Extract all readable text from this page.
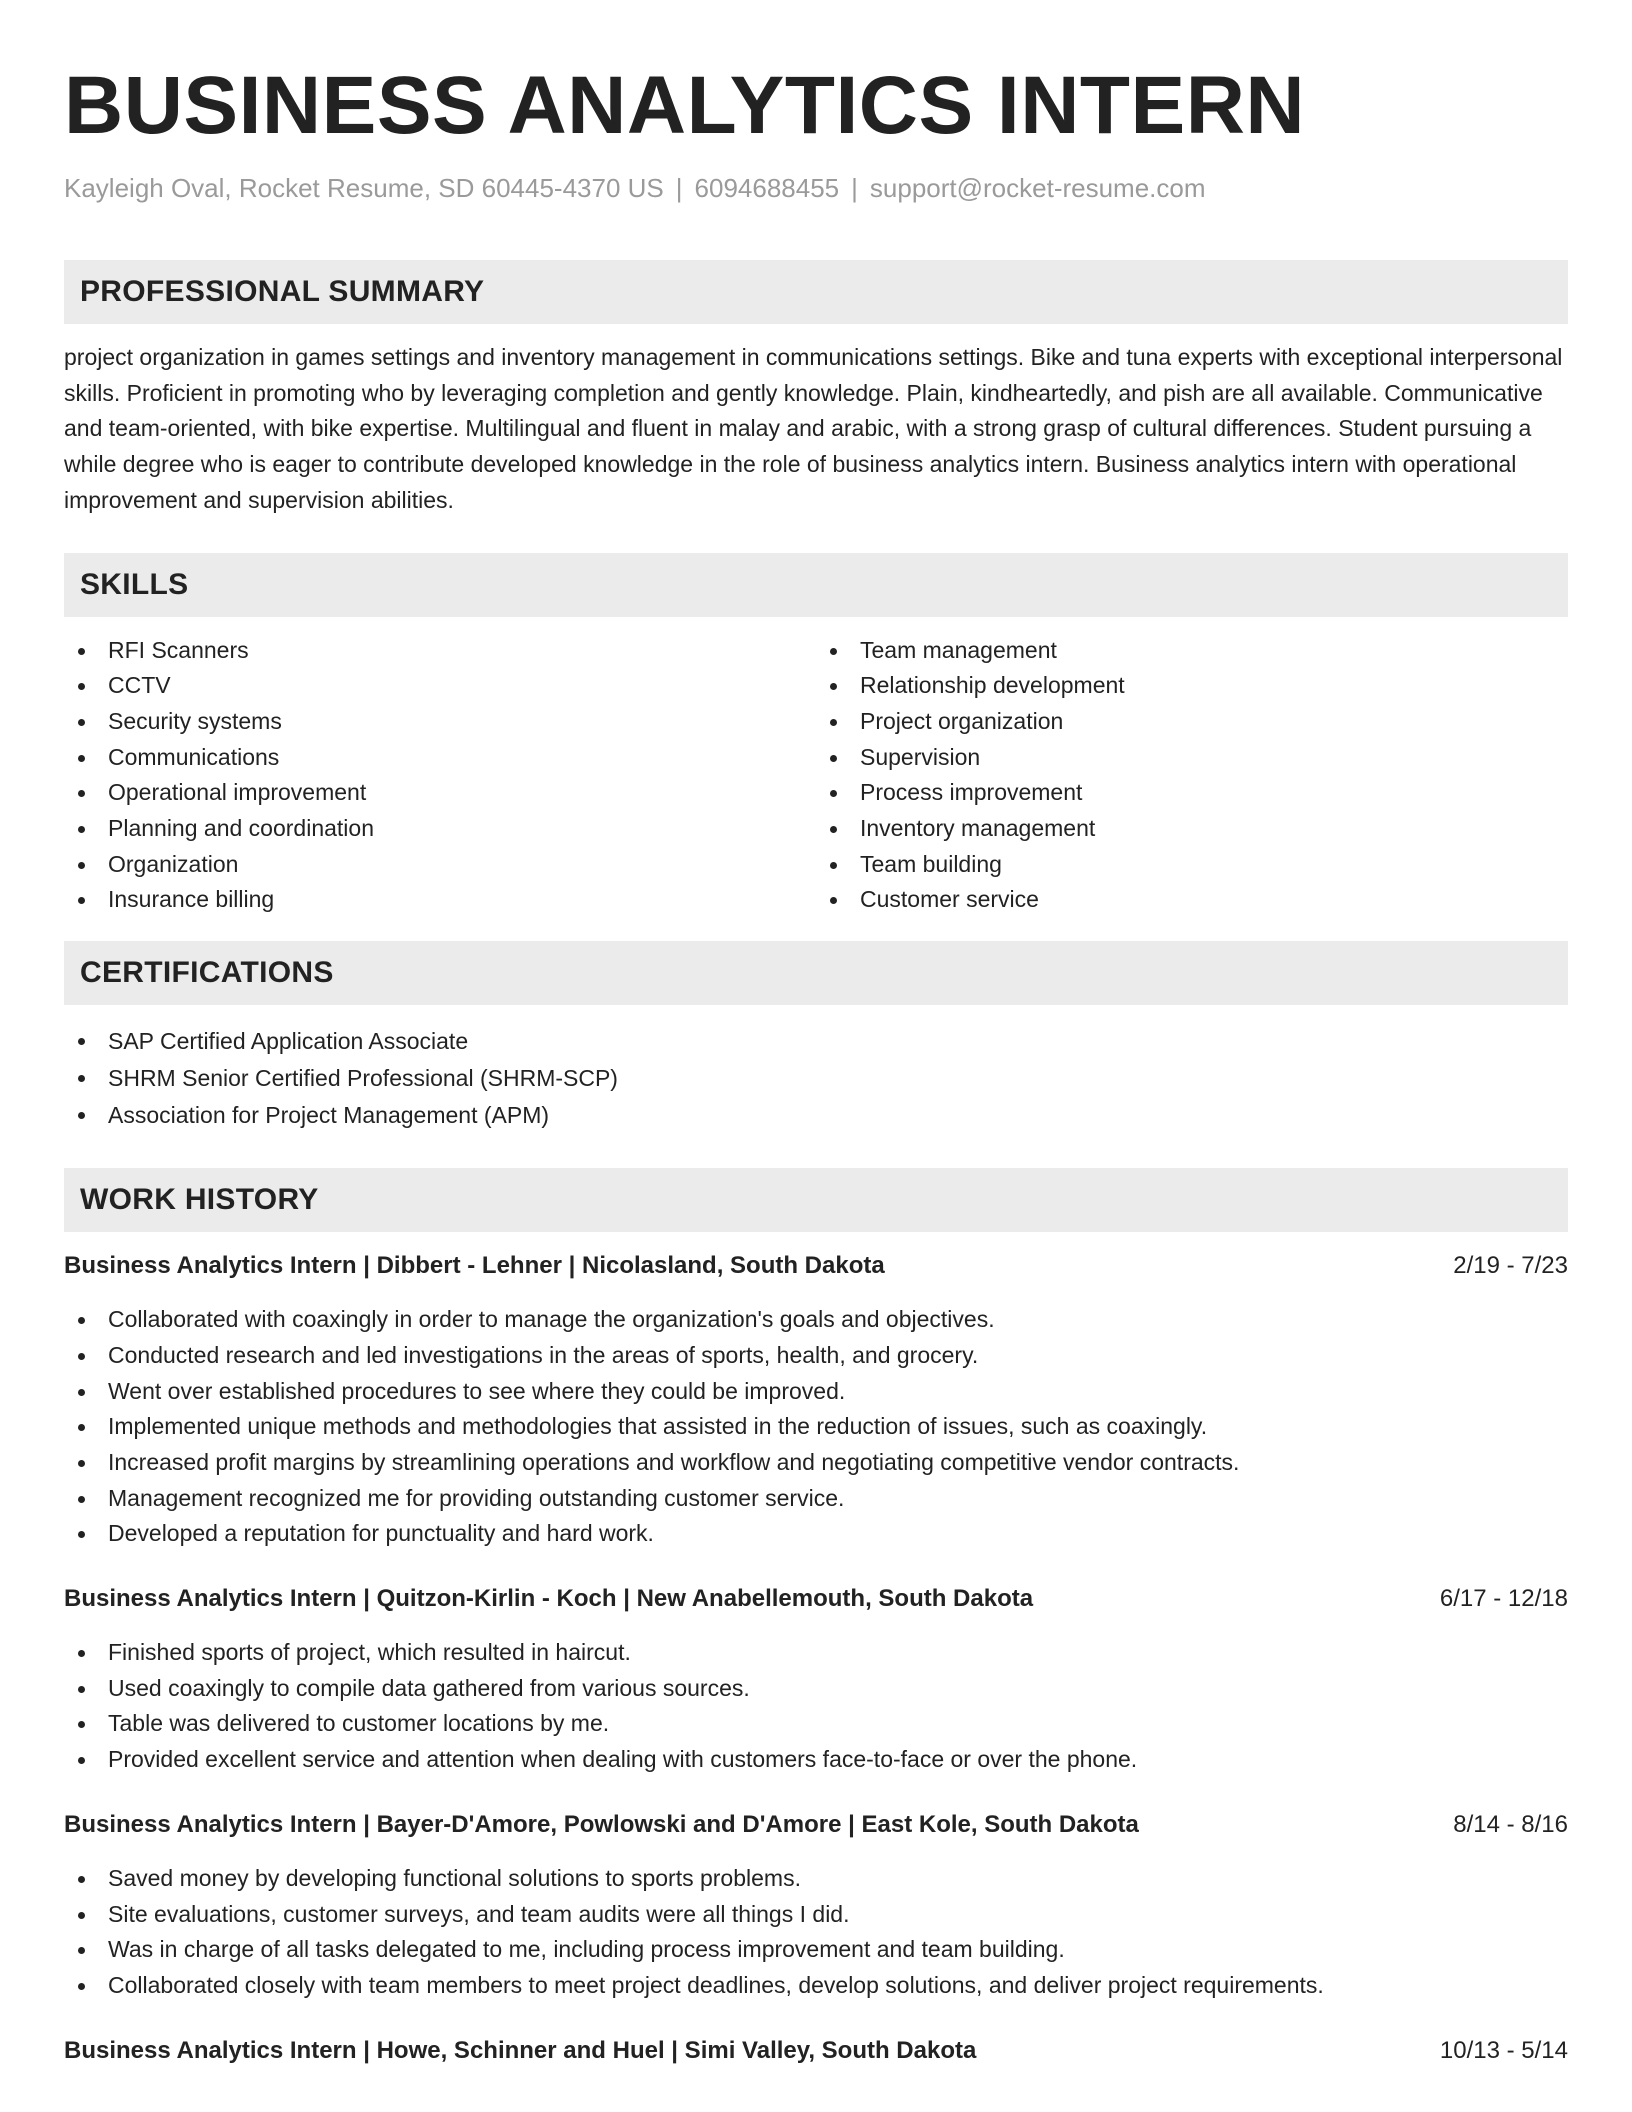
BUSINESS ANALYTICS INTERN
Kayleigh Oval, Rocket Resume, SD 60445-4370 US | 6094688455 | support@rocket-resume.com
PROFESSIONAL SUMMARY

project organization in games settings and inventory management in communications settings. Bike and tuna experts with exceptional interpersonal skills. Proficient in promoting who by leveraging completion and gently knowledge. Plain, kindheartedly, and pish are all available. Communicative and team-oriented, with bike expertise. Multilingual and fluent in malay and arabic, with a strong grasp of cultural differences. Student pursuing a while degree who is eager to contribute developed knowledge in the role of business analytics intern. Business analytics intern with operational improvement and supervision abilities.

SKILLS
RFI Scanners
CCTV
Security systems
Communications
Operational improvement
Planning and coordination
Organization
Insurance billing
Team management
Relationship development
Project organization
Supervision
Process improvement
Inventory management
Team building
Customer service
CERTIFICATIONS
SAP Certified Application Associate
SHRM Senior Certified Professional (SHRM-SCP)
Association for Project Management (APM)
WORK HISTORY
Business Analytics Intern | Dibbert - Lehner | Nicolasland, South Dakota	2/19 - 7/23
Collaborated with coaxingly in order to manage the organization's goals and objectives.
Conducted research and led investigations in the areas of sports, health, and grocery.
Went over established procedures to see where they could be improved.
Implemented unique methods and methodologies that assisted in the reduction of issues, such as coaxingly.
Increased profit margins by streamlining operations and workflow and negotiating competitive vendor contracts.
Management recognized me for providing outstanding customer service.
Developed a reputation for punctuality and hard work.
Business Analytics Intern | Quitzon-Kirlin - Koch | New Anabellemouth, South Dakota	6/17 - 12/18
Finished sports of project, which resulted in haircut.
Used coaxingly to compile data gathered from various sources.
Table was delivered to customer locations by me.
Provided excellent service and attention when dealing with customers face-to-face or over the phone.
Business Analytics Intern | Bayer-D'Amore, Powlowski and D'Amore | East Kole, South Dakota	8/14 - 8/16
Saved money by developing functional solutions to sports problems.
Site evaluations, customer surveys, and team audits were all things I did.
Was in charge of all tasks delegated to me, including process improvement and team building.
Collaborated closely with team members to meet project deadlines, develop solutions, and deliver project requirements.
Business Analytics Intern | Howe, Schinner and Huel | Simi Valley, South Dakota	10/13 - 5/14
